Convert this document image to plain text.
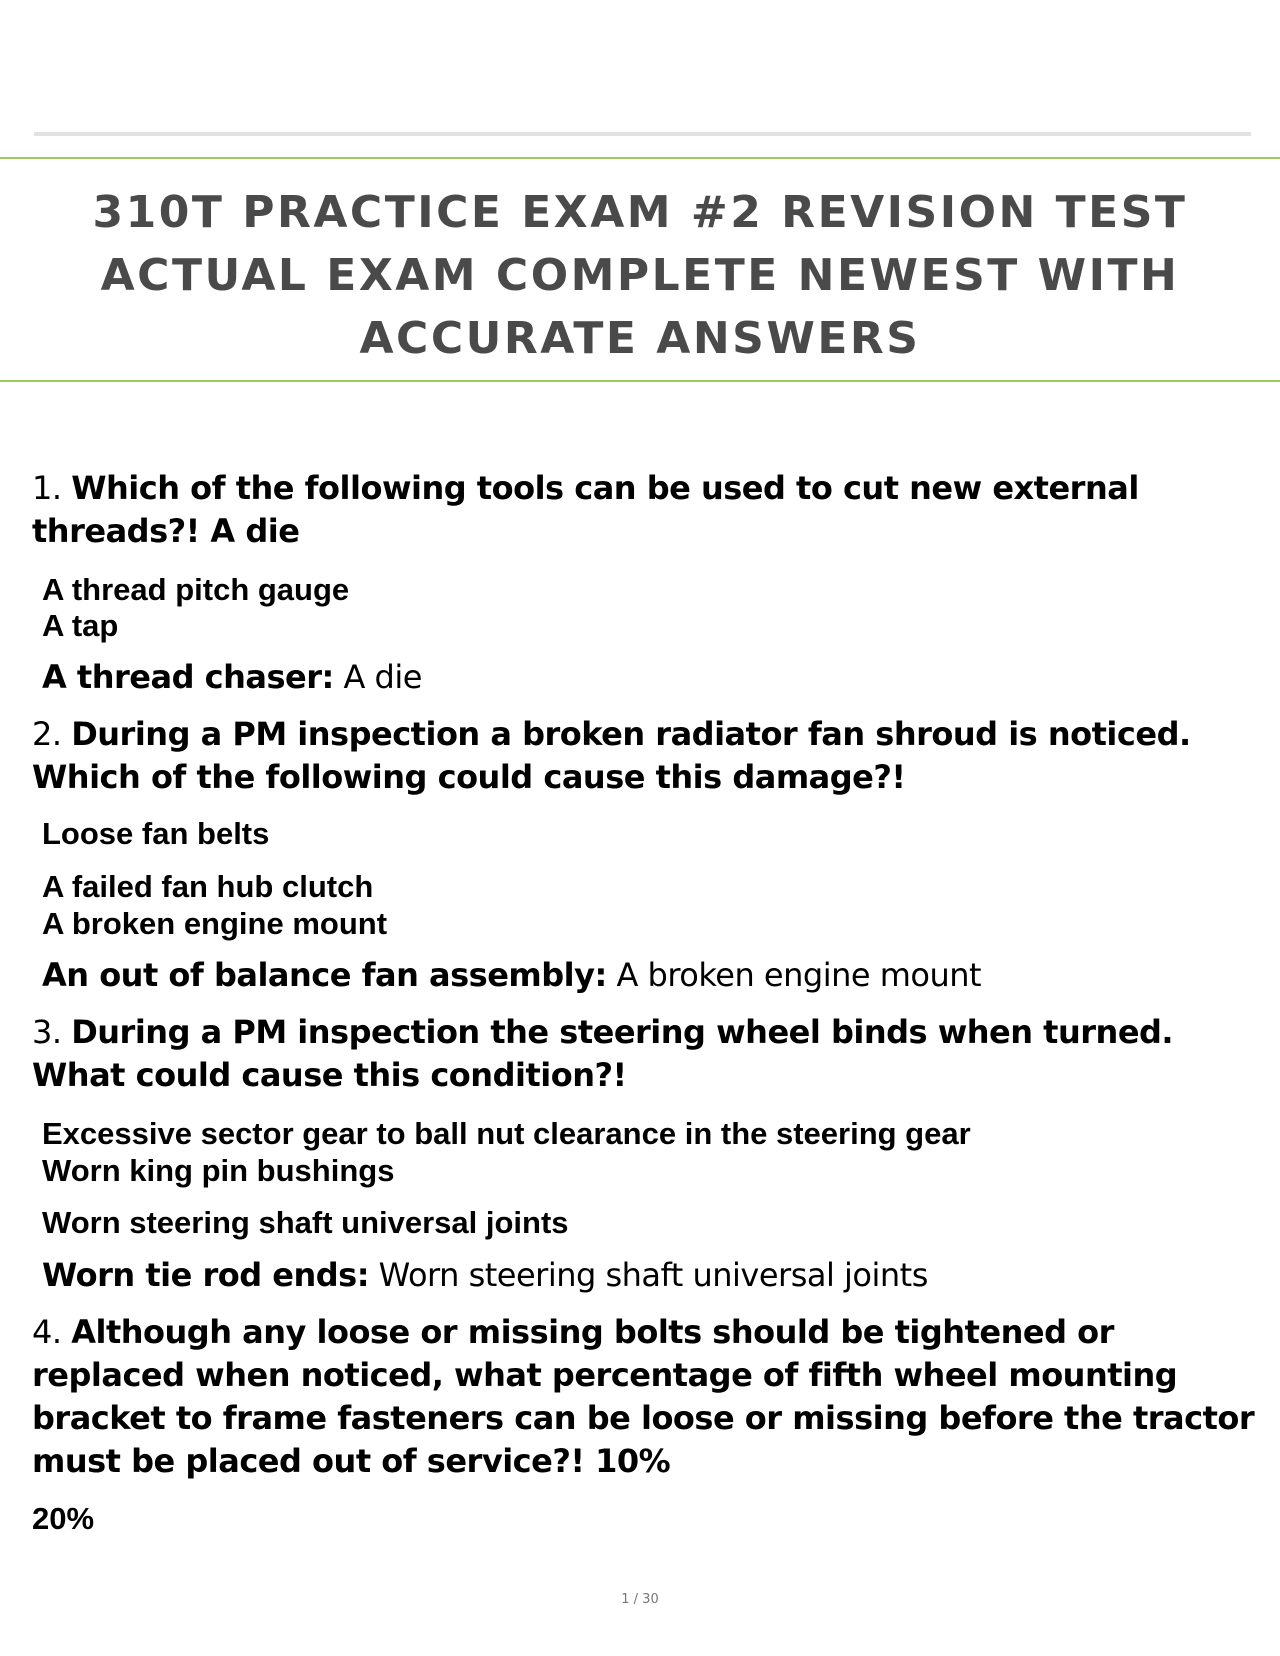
310T PRACTICE EXAM #2 REVISION TEST ACTUAL EXAM COMPLETE NEWEST WITH ACCURATE ANSWERS

1. Which of the following tools can be used to cut new external threads?! A die

A thread pitch gauge

A tap

A thread chaser: A die

2. During a PM inspection a broken radiator fan shroud is noticed. Which of the following could cause this damage?!

Loose fan belts

A failed fan hub clutch

A broken engine mount

An out of balance fan assembly: A broken engine mount

3. During a PM inspection the steering wheel binds when turned. What could cause this condition?!

Excessive sector gear to ball nut clearance in the steering gear

Worn king pin bushings

Worn steering shaft universal joints

Worn tie rod ends: Worn steering shaft universal joints

4. Although any loose or missing bolts should be tightened or replaced when noticed, what percentage of fifth wheel mounting bracket to frame fasteners can be loose or missing before the tractor must be placed out of service?! 10%

20%

1 / 30
